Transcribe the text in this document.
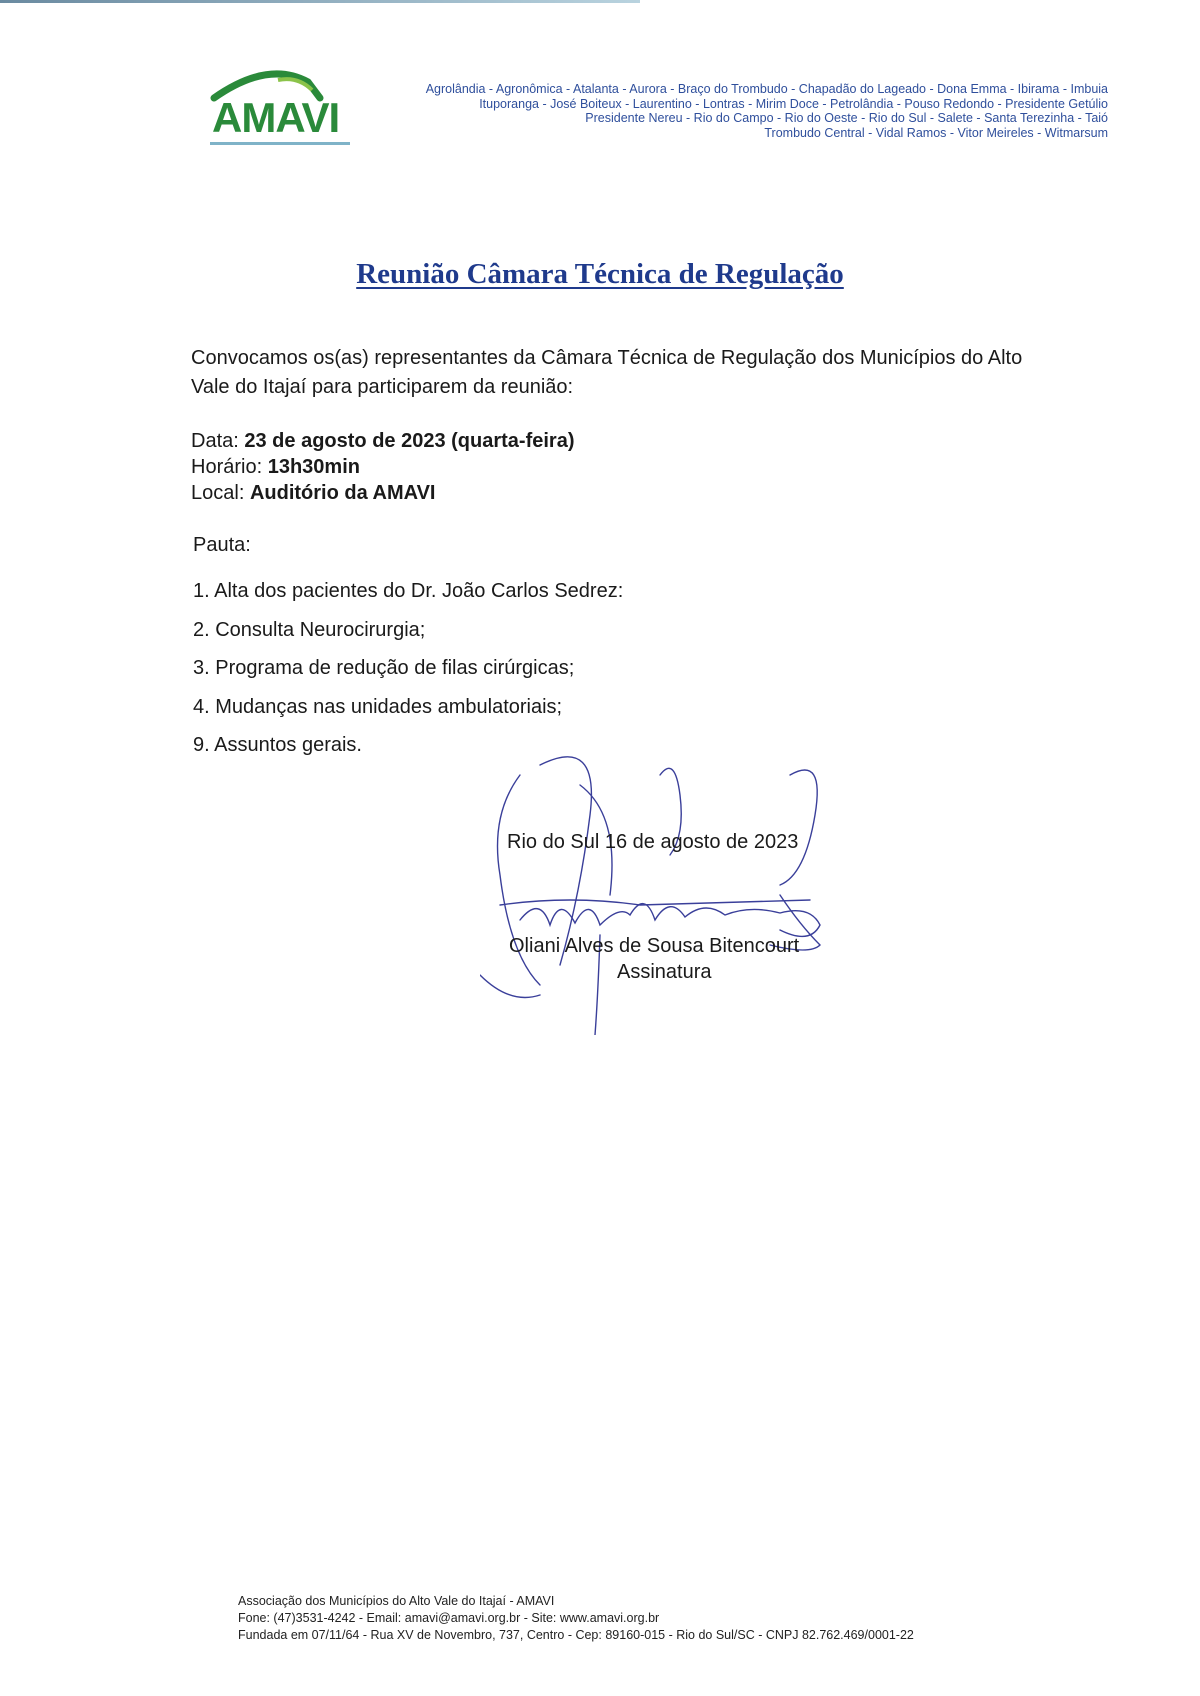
AMAVI
Agrolândia - Agronômica - Atalanta - Aurora - Braço do Trombudo - Chapadão do Lageado - Dona Emma - Ibirama - Imbuia
Ituporanga - José Boiteux - Laurentino - Lontras - Mirim Doce - Petrolândia - Pouso Redondo - Presidente Getúlio
Presidente Nereu - Rio do Campo - Rio do Oeste - Rio do Sul - Salete - Santa Terezinha - Taió
Trombudo Central - Vidal Ramos - Vitor Meireles - Witmarsum
Reunião Câmara Técnica de Regulação
Convocamos os(as) representantes da Câmara Técnica de Regulação dos Municípios do Alto
Vale do Itajaí para participarem da reunião:
Data: 23 de agosto de 2023 (quarta-feira)
Horário: 13h30min
Local: Auditório da AMAVI
Pauta:
1. Alta dos pacientes do Dr. João Carlos Sedrez:
2. Consulta Neurocirurgia;
3. Programa de redução de filas cirúrgicas;
4. Mudanças nas unidades ambulatoriais;
9. Assuntos gerais.
Rio do Sul 16 de agosto de 2023
Oliani Alves de Sousa Bitencourt
Assinatura
Associação dos Municípios do Alto Vale do Itajaí - AMAVI
Fone: (47)3531-4242 - Email: amavi@amavi.org.br - Site: www.amavi.org.br
Fundada em 07/11/64 - Rua XV de Novembro, 737, Centro - Cep: 89160-015 - Rio do Sul/SC - CNPJ 82.762.469/0001-22
